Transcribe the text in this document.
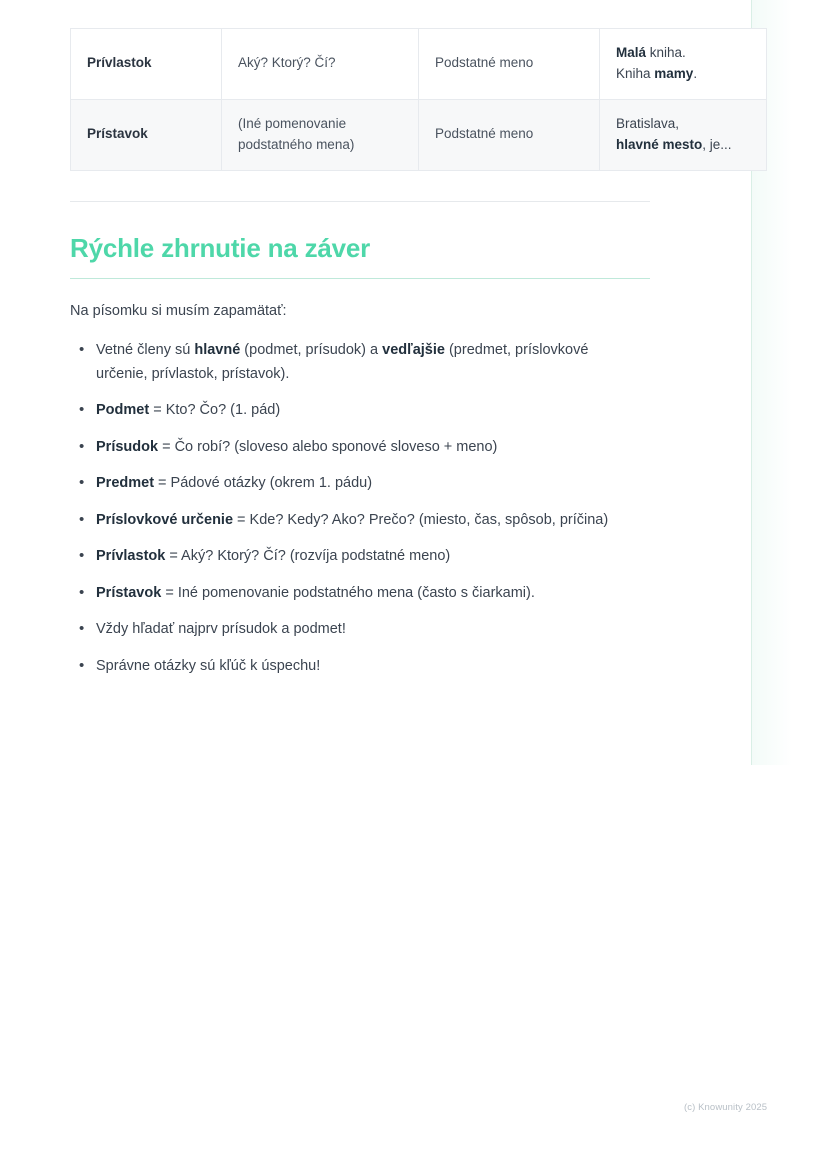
Prívlastok	Aký? Ktorý? Čí?	Podstatné meno	Malá kniha.
Kniha mamy.
Prístavok	(Iné pomenovanie podstatného mena)	Podstatné meno	Bratislava,
hlavné mesto, je...
Rýchle zhrnutie na záver

Na písomku si musím zapamätať:

• Vetné členy sú hlavné (podmet, prísudok) a vedľajšie (predmet, príslovkové určenie, prívlastok, prístavok).
• Podmet = Kto? Čo? (1. pád)
• Prísudok = Čo robí? (sloveso alebo sponové sloveso + meno)
• Predmet = Pádové otázky (okrem 1. pádu)
• Príslovkové určenie = Kde? Kedy? Ako? Prečo? (miesto, čas, spôsob, príčina)
• Prívlastok = Aký? Ktorý? Čí? (rozvíja podstatné meno)
• Prístavok = Iné pomenovanie podstatného mena (často s čiarkami).
• Vždy hľadať najprv prísudok a podmet!
• Správne otázky sú kľúč k úspechu!
(c) Knowunity 2025
